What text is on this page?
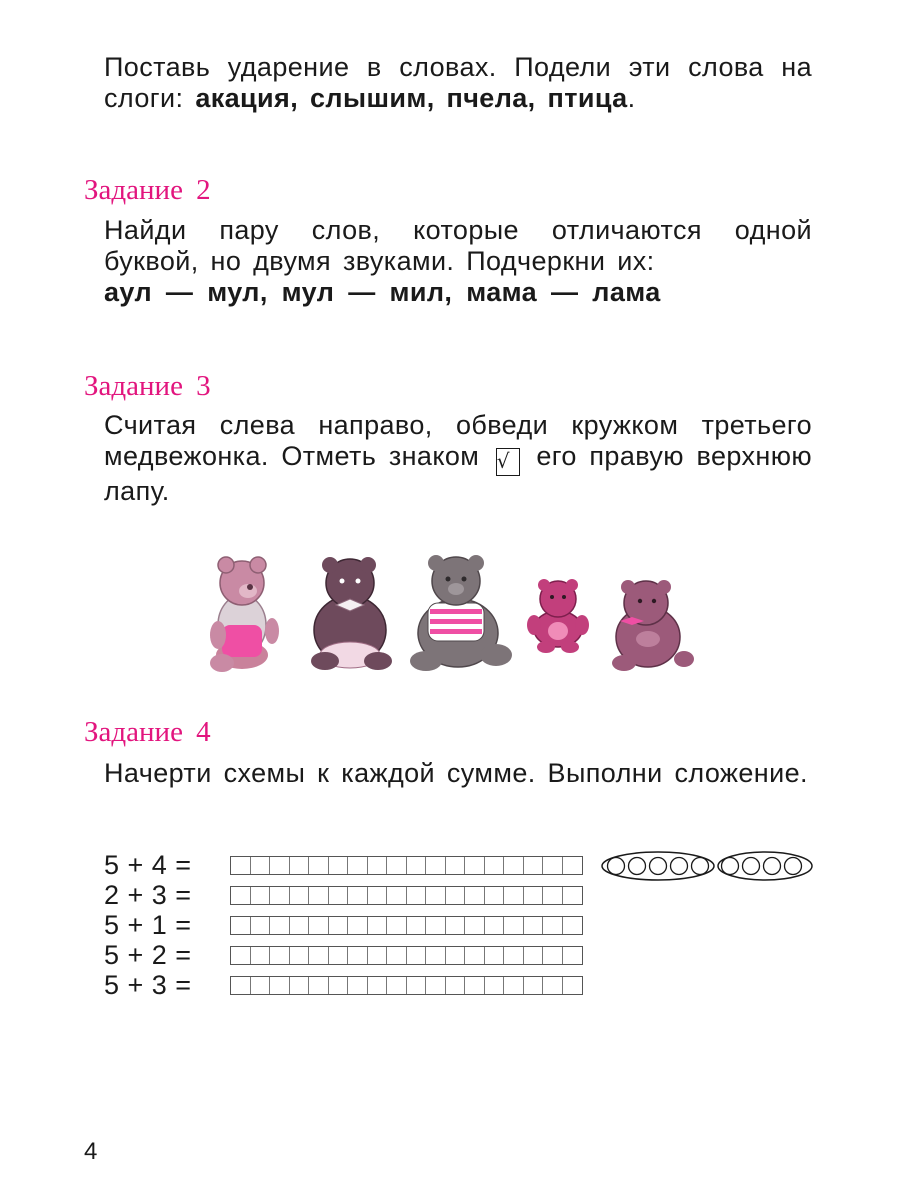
Поставь ударение в словах. Подели эти слова на слоги: акация, слышим, пчела, птица.

Задание 2

Найди пару слов, которые отличаются одной буквой, но двумя звуками. Подчеркни их:

аул — мул, мул — мил, мама — лама

Задание 3

Считая слева направо, обведи кружком третьего медвежонка. Отметь знаком √ его правую верхнюю лапу.

Задание 4

Начерти схемы к каждой сумме. Выполни сложение.

5 + 4 =
2 + 3 =
5 + 1 =
5 + 2 =
5 + 3 =

4
